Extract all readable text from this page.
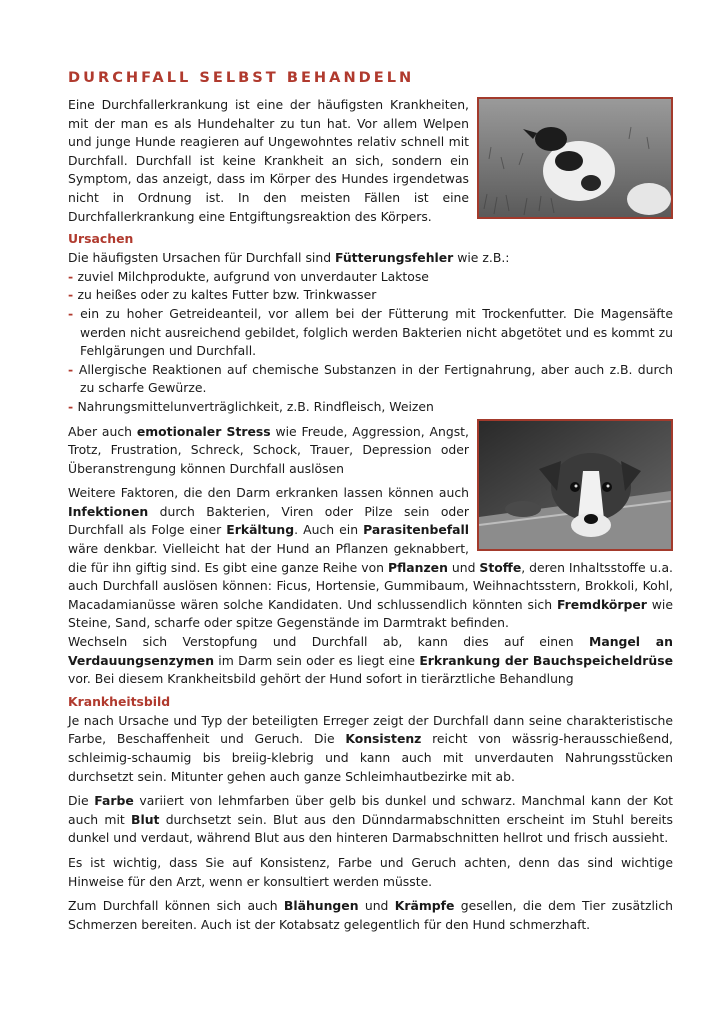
DURCHFALL SELBST BEHANDELN

Eine Durchfallerkrankung ist eine der häufigsten Krankheiten, mit der man es als Hundehalter zu tun hat. Vor allem Welpen und junge Hunde reagieren auf Ungewohntes relativ schnell mit Durchfall. Durchfall ist keine Krankheit an sich, sondern ein Symptom, das anzeigt, dass im Körper des Hundes irgendetwas nicht in Ordnung ist. In den meisten Fällen ist eine Durchfallerkrankung eine Entgiftungsreaktion des Körpers.

Ursachen

Die häufigsten Ursachen für Durchfall sind Fütterungsfehler wie z.B.:

- zuviel Milchprodukte, aufgrund von unverdauter Laktose
- zu heißes oder zu kaltes Futter bzw. Trinkwasser
- ein zu hoher Getreideanteil, vor allem bei der Fütterung mit Trockenfutter. Die Magensäfte werden nicht ausreichend gebildet, folglich werden Bakterien nicht abgetötet und es kommt zu Fehlgärungen und Durchfall.
- Allergische Reaktionen auf chemische Substanzen in der Fertignahrung, aber auch z.B. durch zu scharfe Gewürze.
- Nahrungsmittelunverträglichkeit, z.B. Rindfleisch, Weizen

Aber auch emotionaler Stress wie Freude, Aggression, Angst, Trotz, Frustration, Schreck, Schock, Trauer, Depression oder Überanstrengung können Durchfall auslösen

Weitere Faktoren, die den Darm erkranken lassen können auch Infektionen durch Bakterien, Viren oder Pilze sein oder Durchfall als Folge einer Erkältung. Auch ein Parasitenbefall wäre denkbar. Vielleicht hat der Hund an Pflanzen geknabbert, die für ihn giftig sind. Es gibt eine ganze Reihe von Pflanzen und Stoffe, deren Inhaltsstoffe u.a. auch Durchfall auslösen können: Ficus, Hortensie, Gummibaum, Weihnachtsstern, Brokkoli, Kohl, Macadamianüsse wären solche Kandidaten. Und schlussendlich könnten sich Fremdkörper wie Steine, Sand, scharfe oder spitze Gegenstände im Darmtrakt befinden.

Wechseln sich Verstopfung und Durchfall ab, kann dies auf einen Mangel an Verdauungsenzymen im Darm sein oder es liegt eine Erkrankung der Bauchspeicheldrüse vor. Bei diesem Krankheitsbild gehört der Hund sofort in tierärztliche Behandlung

Krankheitsbild

Je nach Ursache und Typ der beteiligten Erreger zeigt der Durchfall dann seine charakteristische Farbe, Beschaffenheit und Geruch. Die Konsistenz reicht von wässrig-herausschießend, schleimig-schaumig bis breiig-klebrig und kann auch mit unverdauten Nahrungsstücken durchsetzt sein. Mitunter gehen auch ganze Schleimhautbezirke mit ab.

Die Farbe variiert von lehmfarben über gelb bis dunkel und schwarz. Manchmal kann der Kot auch mit Blut durchsetzt sein. Blut aus den Dünndarmabschnitten erscheint im Stuhl bereits dunkel und verdaut, während Blut aus den hinteren Darmabschnitten hellrot und frisch aussieht.

Es ist wichtig, dass Sie auf Konsistenz, Farbe und Geruch achten, denn das sind wichtige Hinweise für den Arzt, wenn er konsultiert werden müsste.

Zum Durchfall können sich auch Blähungen und Krämpfe gesellen, die dem Tier zusätzlich Schmerzen bereiten. Auch ist der Kotabsatz gelegentlich für den Hund schmerzhaft.
